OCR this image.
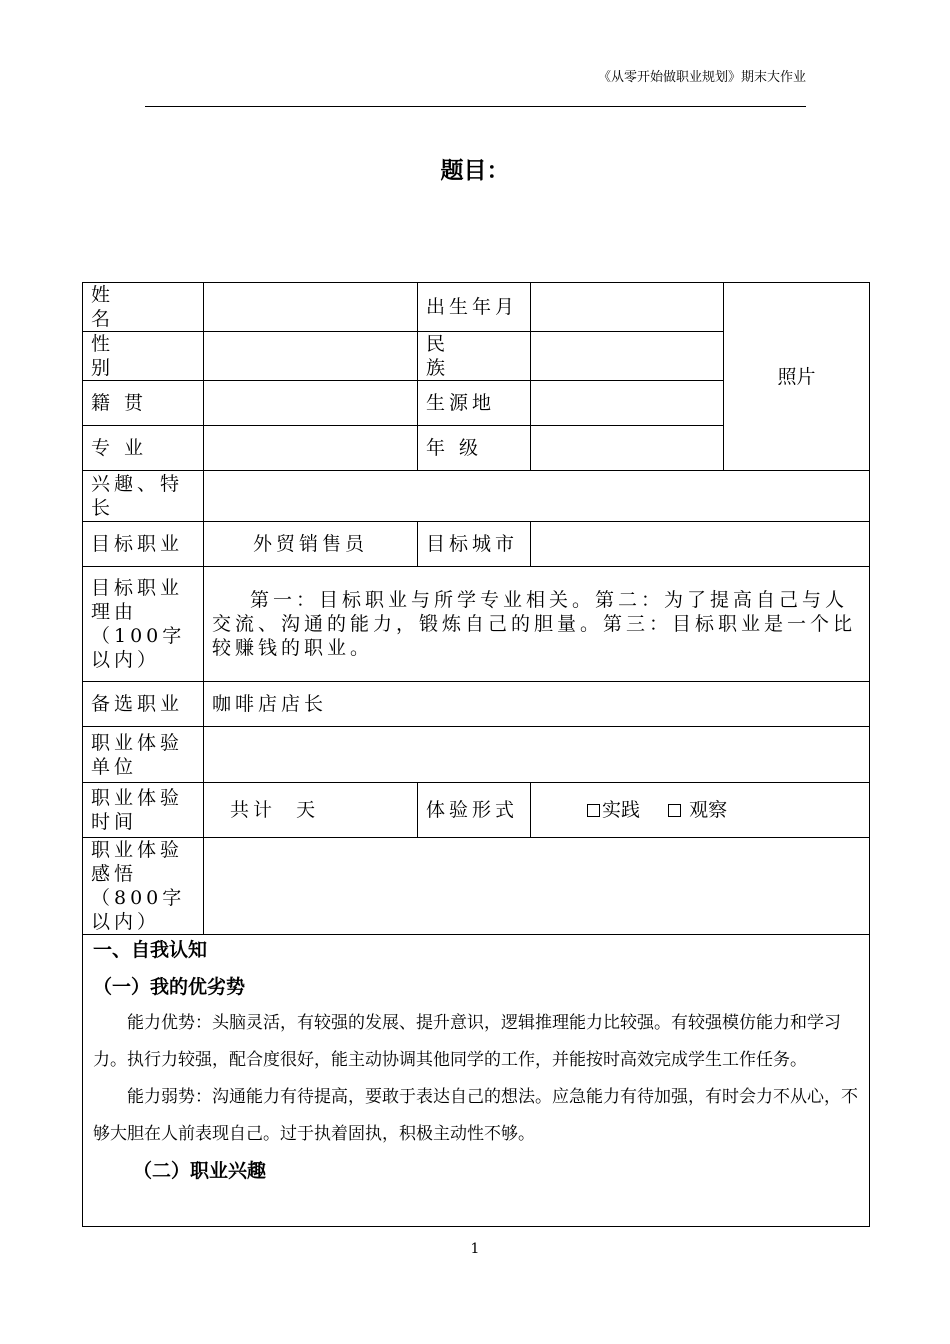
《从零开始做职业规划》期末大作业
题目：
姓 名		出生年月		照片
性 别		民 族		
籍 贯		生源地		
专 业		年 级		
兴趣、特长				
目标职业	外贸销售员	目标城市		
目标职业理由（100字以内）	第一：目标职业与所学专业相关。第二：为了提高自己与人交流、沟通的能力，锻炼自己的胆量。第三：目标职业是一个比较赚钱的职业。			
备选职业	咖啡店店长			
职业体验单位				
职业体验时间	共计  天	体验形式	实践 观察	
职业体验感悟（800字以内）				

一、自我认知
（一）我的优劣势
能力优势：头脑灵活，有较强的发展、提升意识，逻辑推理能力比较强。有较强模仿能力和学习力。执行力较强，配合度很好，能主动协调其他同学的工作，并能按时高效完成学生工作任务。
能力弱势：沟通能力有待提高，要敢于表达自己的想法。应急能力有待加强，有时会力不从心，不够大胆在人前表现自己。过于执着固执，积极主动性不够。
（二）职业兴趣				
1
